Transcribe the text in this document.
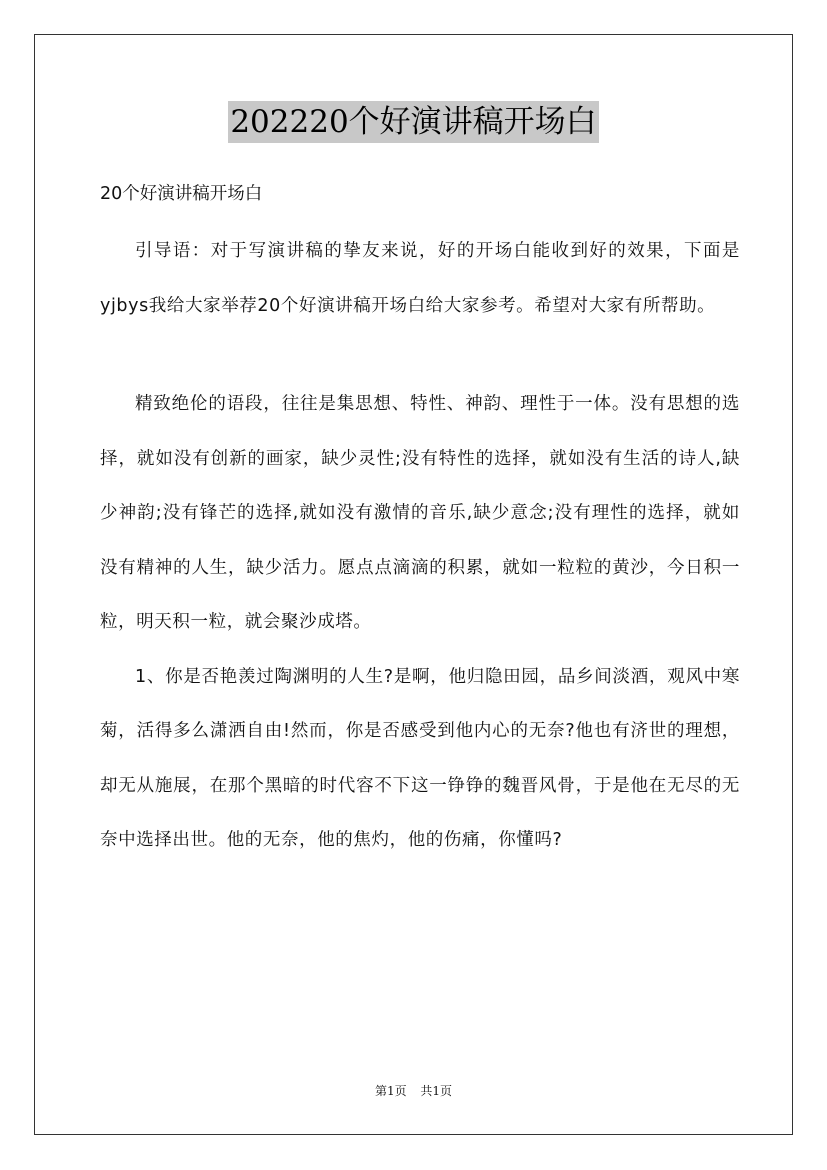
202220个好演讲稿开场白

20个好演讲稿开场白

引导语：对于写演讲稿的挚友来说，好的开场白能收到好的效果，下面是yjbys我给大家举荐20个好演讲稿开场白给大家参考。希望对大家有所帮助。

精致绝伦的语段，往往是集思想、特性、神韵、理性于一体。没有思想的选择，就如没有创新的画家，缺少灵性;没有特性的选择，就如没有生活的诗人,缺少神韵;没有锋芒的选择,就如没有激情的音乐,缺少意念;没有理性的选择，就如没有精神的人生，缺少活力。愿点点滴滴的积累，就如一粒粒的黄沙，今日积一粒，明天积一粒，就会聚沙成塔。

1、你是否艳羡过陶渊明的人生?是啊，他归隐田园，品乡间淡酒，观风中寒菊，活得多么潇洒自由!然而，你是否感受到他内心的无奈?他也有济世的理想，却无从施展，在那个黑暗的时代容不下这一铮铮的魏晋风骨，于是他在无尽的无奈中选择出世。他的无奈，他的焦灼，他的伤痛，你懂吗?

第1页 共1页
